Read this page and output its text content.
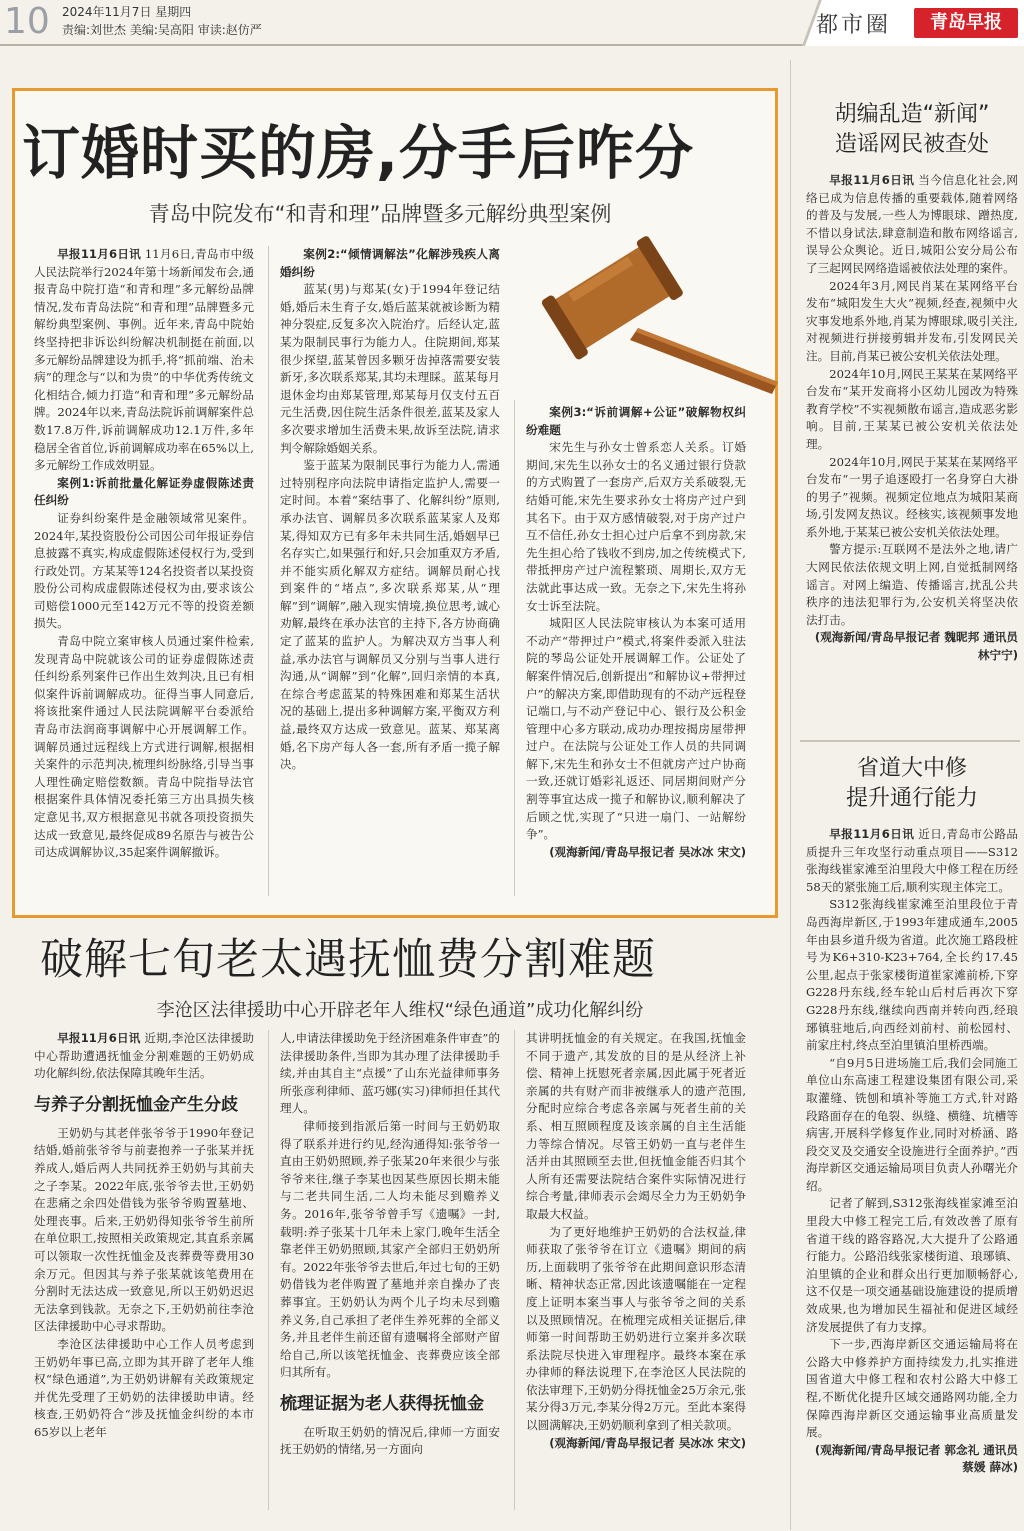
10 2024年11月7日 星期四
责编:刘世杰 美编:吴高阳 审读:赵仿严	都市圈	青岛早报
订婚时买的房,分手后咋分
青岛中院发布“和青和理”品牌暨多元解纷典型案例

早报11月6日讯 11月6日,青岛市中级人民法院举行2024年第十场新闻发布会,通报青岛中院打造“和青和理”多元解纷品牌情况,发布青岛法院“和青和理”品牌暨多元解纷典型案例、事例。近年来,青岛中院始终坚持把非诉讼纠纷解决机制挺在前面,以多元解纷品牌建设为抓手,将“抓前端、治未病”的理念与“以和为贵”的中华优秀传统文化相结合,倾力打造“和青和理”多元解纷品牌。2024年以来,青岛法院诉前调解案件总数17.8万件,诉前调解成功12.1万件,多年稳居全省首位,诉前调解成功率在65%以上,多元解纷工作成效明显。

案例1:诉前批量化解证券虚假陈述责任纠纷

证券纠纷案件是金融领域常见案件。2024年,某投资股份公司因公司年报证券信息披露不真实,构成虚假陈述侵权行为,受到行政处罚。方某某等124名投资者以某投资股份公司构成虚假陈述侵权为由,要求该公司赔偿1000元至142万元不等的投资差额损失。

青岛中院立案审核人员通过案件检索,发现青岛中院就该公司的证券虚假陈述责任纠纷系列案件已作出生效判决,且已有相似案件诉前调解成功。征得当事人同意后,将该批案件通过人民法院调解平台委派给青岛市法润商事调解中心开展调解工作。调解员通过远程线上方式进行调解,根据相关案件的示范判决,梳理纠纷脉络,引导当事人理性确定赔偿数额。青岛中院指导法官根据案件具体情况委托第三方出具损失核定意见书,双方根据意见书就各项投资损失达成一致意见,最终促成89名原告与被告公司达成调解协议,35起案件调解撤诉。

案例2:“倾情调解法”化解涉残疾人离婚纠纷

蓝某(男)与郑某(女)于1994年登记结婚,婚后未生育子女,婚后蓝某就被诊断为精神分裂症,反复多次入院治疗。后经认定,蓝某为限制民事行为能力人。住院期间,郑某很少探望,蓝某曾因多颗牙齿掉落需要安装新牙,多次联系郑某,其均未理睬。蓝某每月退休金均由郑某管理,郑某每月仅支付五百元生活费,因住院生活条件很差,蓝某及家人多次要求增加生活费未果,故诉至法院,请求判令解除婚姻关系。

鉴于蓝某为限制民事行为能力人,需通过特别程序向法院申请指定监护人,需要一定时间。本着“案结事了、化解纠纷”原则,承办法官、调解员多次联系蓝某家人及郑某,得知双方已有多年未共同生活,婚姻早已名存实亡,如果强行和好,只会加重双方矛盾,并不能实质化解双方症结。调解员耐心找到案件的“堵点”,多次联系郑某,从“理解”到“调解”,融入现实情境,换位思考,诚心劝解,最终在承办法官的主持下,各方协商确定了蓝某的监护人。为解决双方当事人利益,承办法官与调解员又分别与当事人进行沟通,从“调解”到“化解”,回归亲情的本真,在综合考虑蓝某的特殊困难和郑某生活状况的基础上,提出多种调解方案,平衡双方利益,最终双方达成一致意见。蓝某、郑某离婚,名下房产每人各一套,所有矛盾一揽子解决。

案例3:“诉前调解+公证”破解物权纠纷难题

宋先生与孙女士曾系恋人关系。订婚期间,宋先生以孙女士的名义通过银行贷款的方式购置了一套房产,后双方关系破裂,无结婚可能,宋先生要求孙女士将房产过户到其名下。由于双方感情破裂,对于房产过户互不信任,孙女士担心过户后拿不到房款,宋先生担心给了钱收不到房,加之传统模式下,带抵押房产过户流程繁琐、周期长,双方无法就此事达成一致。无奈之下,宋先生将孙女士诉至法院。

城阳区人民法院审核认为本案可适用不动产“带押过户”模式,将案件委派入驻法院的琴岛公证处开展调解工作。公证处了解案件情况后,创新提出“和解协议+带押过户”的解决方案,即借助现有的不动产远程登记端口,与不动产登记中心、银行及公积金管理中心多方联动,成功办理按揭房屋带押过户。在法院与公证处工作人员的共同调解下,宋先生和孙女士不但就房产过户协商一致,还就订婚彩礼返还、同居期间财产分割等事宜达成一揽子和解协议,顺利解决了后顾之忧,实现了“只进一扇门、一站解纷争”。

(观海新闻/青岛早报记者 吴冰冰 宋文)

破解七旬老太遇抚恤费分割难题
李沧区法律援助中心开辟老年人维权“绿色通道”成功化解纠纷

早报11月6日讯 近期,李沧区法律援助中心帮助遭遇抚恤金分割难题的王奶奶成功化解纠纷,依法保障其晚年生活。

与养子分割抚恤金产生分歧

王奶奶与其老伴张爷爷于1990年登记结婚,婚前张爷爷与前妻抱养一子张某并抚养成人,婚后两人共同抚养王奶奶与其前夫之子李某。2022年底,张爷爷去世,王奶奶在悲痛之余四处借钱为张爷爷购置墓地、处理丧事。后来,王奶奶得知张爷爷生前所在单位职工,按照相关政策规定,其直系亲属可以领取一次性抚恤金及丧葬费等费用30余万元。但因其与养子张某就该笔费用在分割时无法达成一致意见,所以王奶奶迟迟无法拿到钱款。无奈之下,王奶奶前往李沧区法律援助中心寻求帮助。

李沧区法律援助中心工作人员考虑到王奶奶年事已高,立即为其开辟了老年人维权“绿色通道”,为王奶奶讲解有关政策规定并优先受理了王奶奶的法律援助申请。经核查,王奶奶符合“涉及抚恤金纠纷的本市65岁以上老年

人,申请法律援助免于经济困难条件审查”的法律援助条件,当即为其办理了法律援助手续,并由其自主“点援”了山东光益律师事务所张彦利律师、蓝巧娜(实习)律师担任其代理人。

律师接到指派后第一时间与王奶奶取得了联系并进行约见,经沟通得知:张爷爷一直由王奶奶照顾,养子张某20年来很少与张爷爷来往,继子李某也因某些原因长期未能与二老共同生活,二人均未能尽到赡养义务。2016年,张爷爷曾手写《遗嘱》一封,载明:养子张某十几年未上家门,晚年生活全靠老伴王奶奶照顾,其家产全部归王奶奶所有。2022年张爷爷去世后,年过七旬的王奶奶借钱为老伴购置了墓地并亲自操办了丧葬事宜。王奶奶认为两个儿子均未尽到赡养义务,自己承担了老伴生养死葬的全部义务,并且老伴生前还留有遗嘱将全部财产留给自己,所以该笔抚恤金、丧葬费应该全部归其所有。

梳理证据为老人获得抚恤金

在听取王奶奶的情况后,律师一方面安抚王奶奶的情绪,另一方面向

其讲明抚恤金的有关规定。在我国,抚恤金不同于遗产,其发放的目的是从经济上补偿、精神上抚慰死者亲属,因此属于死者近亲属的共有财产而非被继承人的遗产范围,分配时应综合考虑各亲属与死者生前的关系、相互照顾程度及该亲属的自主生活能力等综合情况。尽管王奶奶一直与老伴生活并由其照顾至去世,但抚恤金能否归其个人所有还需要法院结合案件实际情况进行综合考量,律师表示会竭尽全力为王奶奶争取最大权益。

为了更好地维护王奶奶的合法权益,律师获取了张爷爷在订立《遗嘱》期间的病历,上面载明了张爷爷在此期间意识形态清晰、精神状态正常,因此该遗嘱能在一定程度上证明本案当事人与张爷爷之间的关系以及照顾情况。在梳理完成相关证据后,律师第一时间帮助王奶奶进行立案并多次联系法院尽快进入审理程序。最终本案在承办律师的释法说理下,在李沧区人民法院的依法审理下,王奶奶分得抚恤金25万余元,张某分得3万元,李某分得2万元。至此本案得以圆满解决,王奶奶顺利拿到了相关款项。

(观海新闻/青岛早报记者 吴冰冰 宋文)

胡编乱造“新闻”
造谣网民被查处

早报11月6日讯 当今信息化社会,网络已成为信息传播的重要载体,随着网络的普及与发展,一些人为博眼球、蹭热度,不惜以身试法,肆意制造和散布网络谣言,误导公众舆论。近日,城阳公安分局公布了三起网民网络造谣被依法处理的案件。

2024年3月,网民肖某在某网络平台发布“城阳发生大火”视频,经查,视频中火灾事发地系外地,肖某为博眼球,吸引关注,对视频进行拼接剪辑并发布,引发网民关注。目前,肖某已被公安机关依法处理。

2024年10月,网民王某某在某网络平台发布“某开发商将小区幼儿园改为特殊教育学校”不实视频散布谣言,造成恶劣影响。目前,王某某已被公安机关依法处理。

2024年10月,网民于某某在某网络平台发布“一男子追逐殴打一名身穿白大褂的男子”视频。视频定位地点为城阳某商场,引发网友热议。经核实,该视频事发地系外地,于某某已被公安机关依法处理。

警方提示:互联网不是法外之地,请广大网民依法依规文明上网,自觉抵制网络谣言。对网上编造、传播谣言,扰乱公共秩序的违法犯罪行为,公安机关将坚决依法打击。

(观海新闻/青岛早报记者 魏昵邦 通讯员 林宁宁)

省道大中修
提升通行能力

早报11月6日讯 近日,青岛市公路品质提升三年攻坚行动重点项目——S312张海线崔家滩至泊里段大中修工程在历经58天的紧张施工后,顺利实现主体完工。

S312张海线崔家滩至泊里段位于青岛西海岸新区,于1993年建成通车,2005年由县乡道升级为省道。此次施工路段桩号为K6+310-K23+764,全长约17.45公里,起点于张家楼街道崔家滩前桥,下穿G228丹东线,经车轮山后村后再次下穿G228丹东线,继续向西南并转向西,经琅琊镇驻地后,向西经刘前村、前松园村、前家庄村,终点至泊里镇泊里桥西端。

“自9月5日进场施工后,我们会同施工单位山东高速工程建设集团有限公司,采取灌缝、铣刨和填补等施工方式,针对路段路面存在的龟裂、纵缝、横缝、坑槽等病害,开展科学修复作业,同时对桥涵、路段交叉及交通安全设施进行全面养护。”西海岸新区交通运输局项目负责人孙曙光介绍。

记者了解到,S312张海线崔家滩至泊里段大中修工程完工后,有效改善了原有省道干线的路容路况,大大提升了公路通行能力。公路沿线张家楼街道、琅琊镇、泊里镇的企业和群众出行更加顺畅舒心,这不仅是一项交通基础设施建设的提质增效成果,也为增加民生福祉和促进区域经济发展提供了有力支撑。

下一步,西海岸新区交通运输局将在公路大中修养护方面持续发力,扎实推进国省道大中修工程和农村公路大中修工程,不断优化提升区域交通路网功能,全力保障西海岸新区交通运输事业高质量发展。

(观海新闻/青岛早报记者 郭念礼 通讯员 蔡媛 薛冰)
